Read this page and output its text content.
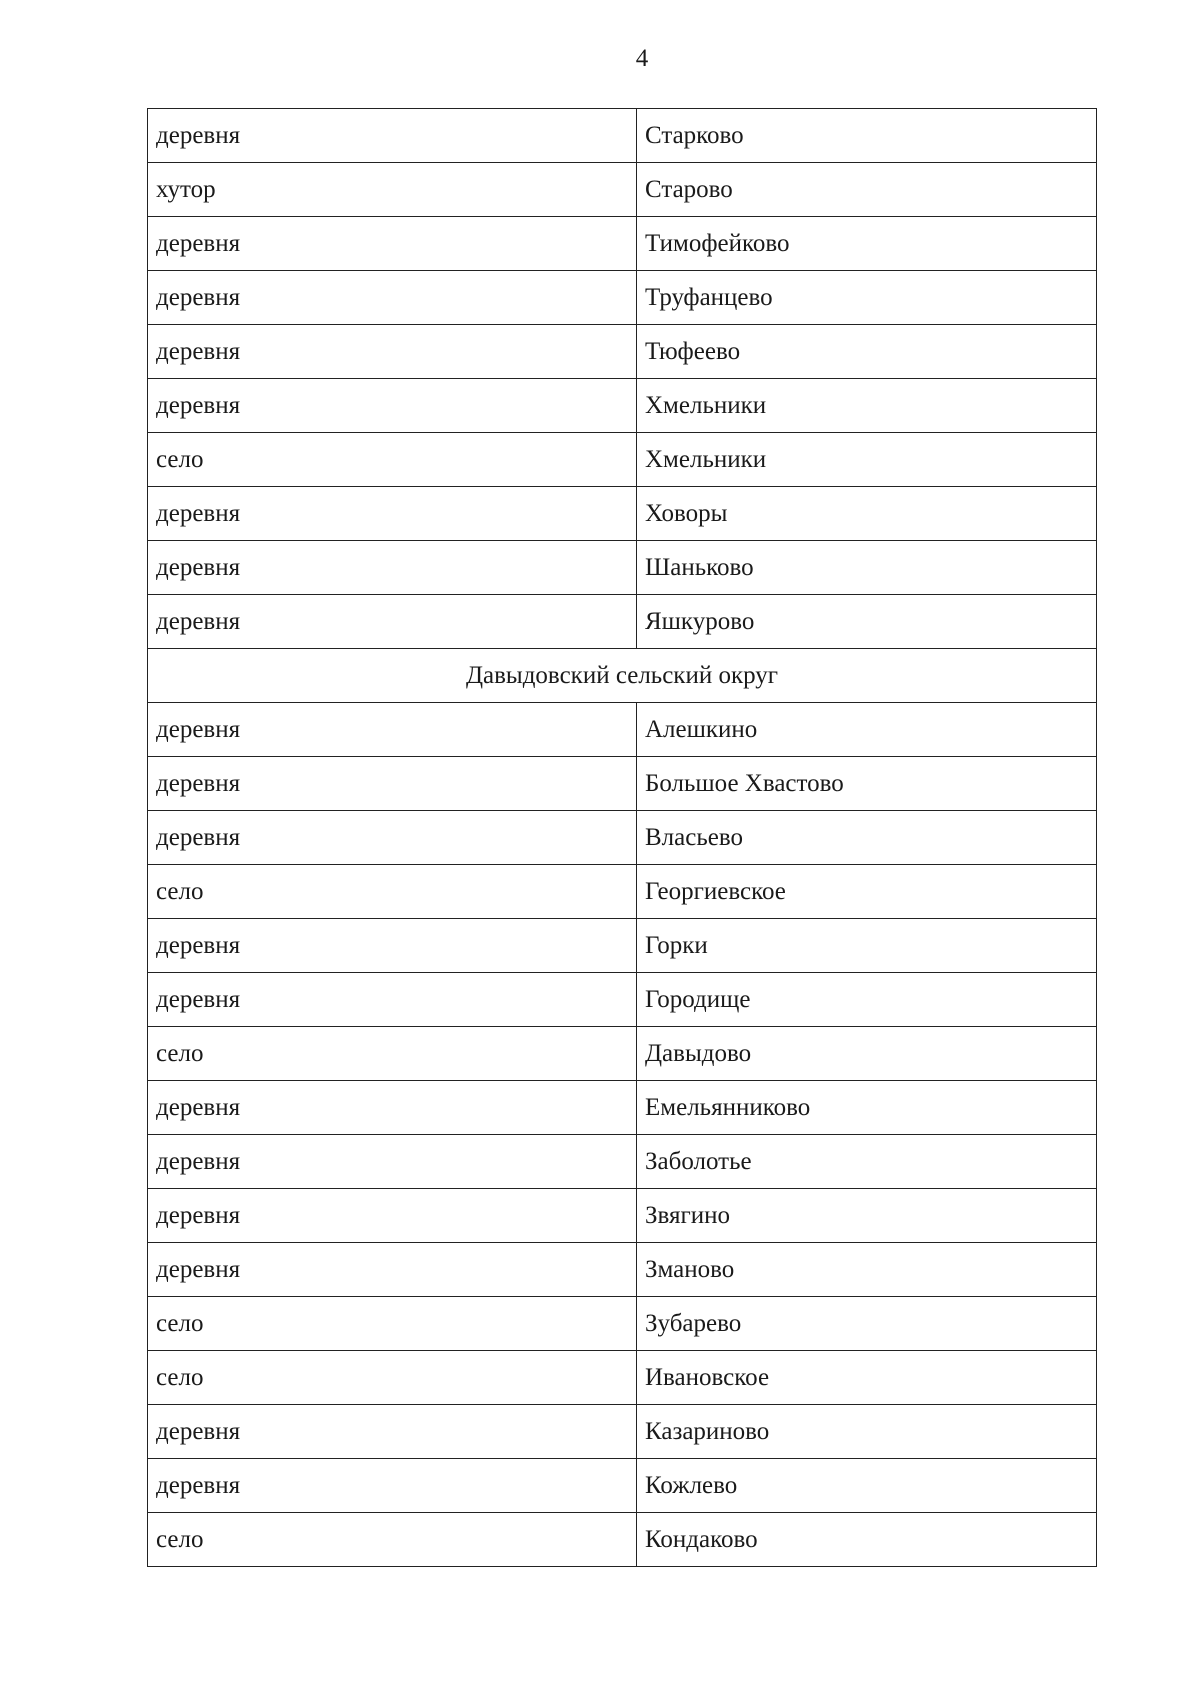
4
деревня	Старково
хутор	Старово
деревня	Тимофейково
деревня	Труфанцево
деревня	Тюфеево
деревня	Хмельники
село	Хмельники
деревня	Ховоры
деревня	Шаньково
деревня	Яшкурово
Давыдовский сельский округ	
деревня	Алешкино
деревня	Большое Хвастово
деревня	Власьево
село	Георгиевское
деревня	Горки
деревня	Городище
село	Давыдово
деревня	Емельянниково
деревня	Заболотье
деревня	Звягино
деревня	Зманово
село	Зубарево
село	Ивановское
деревня	Казариново
деревня	Кожлево
село	Кондаково
